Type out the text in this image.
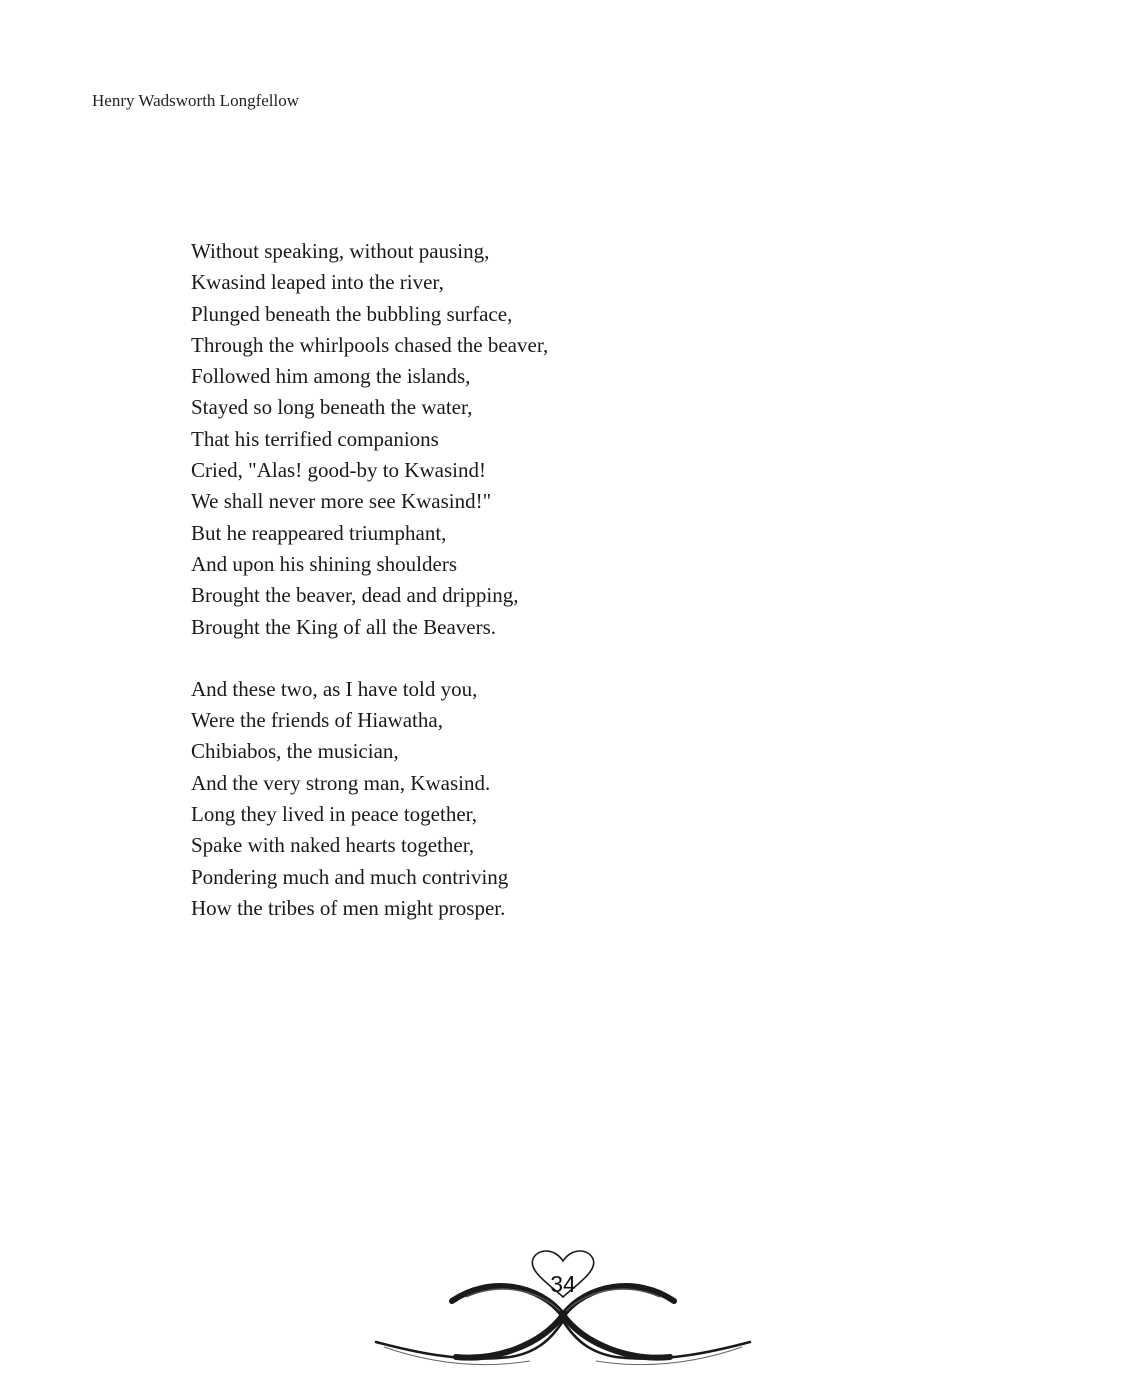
Henry Wadsworth Longfellow
Without speaking, without pausing,
Kwasind leaped into the river,
Plunged beneath the bubbling surface,
Through the whirlpools chased the beaver,
Followed him among the islands,
Stayed so long beneath the water,
That his terrified companions
Cried, "Alas! good-by to Kwasind!
We shall never more see Kwasind!"
But he reappeared triumphant,
And upon his shining shoulders
Brought the beaver, dead and dripping,
Brought the King of all the Beavers.
And these two, as I have told you,
Were the friends of Hiawatha,
Chibiabos, the musician,
And the very strong man, Kwasind.
Long they lived in peace together,
Spake with naked hearts together,
Pondering much and much contriving
How the tribes of men might prosper.
34
